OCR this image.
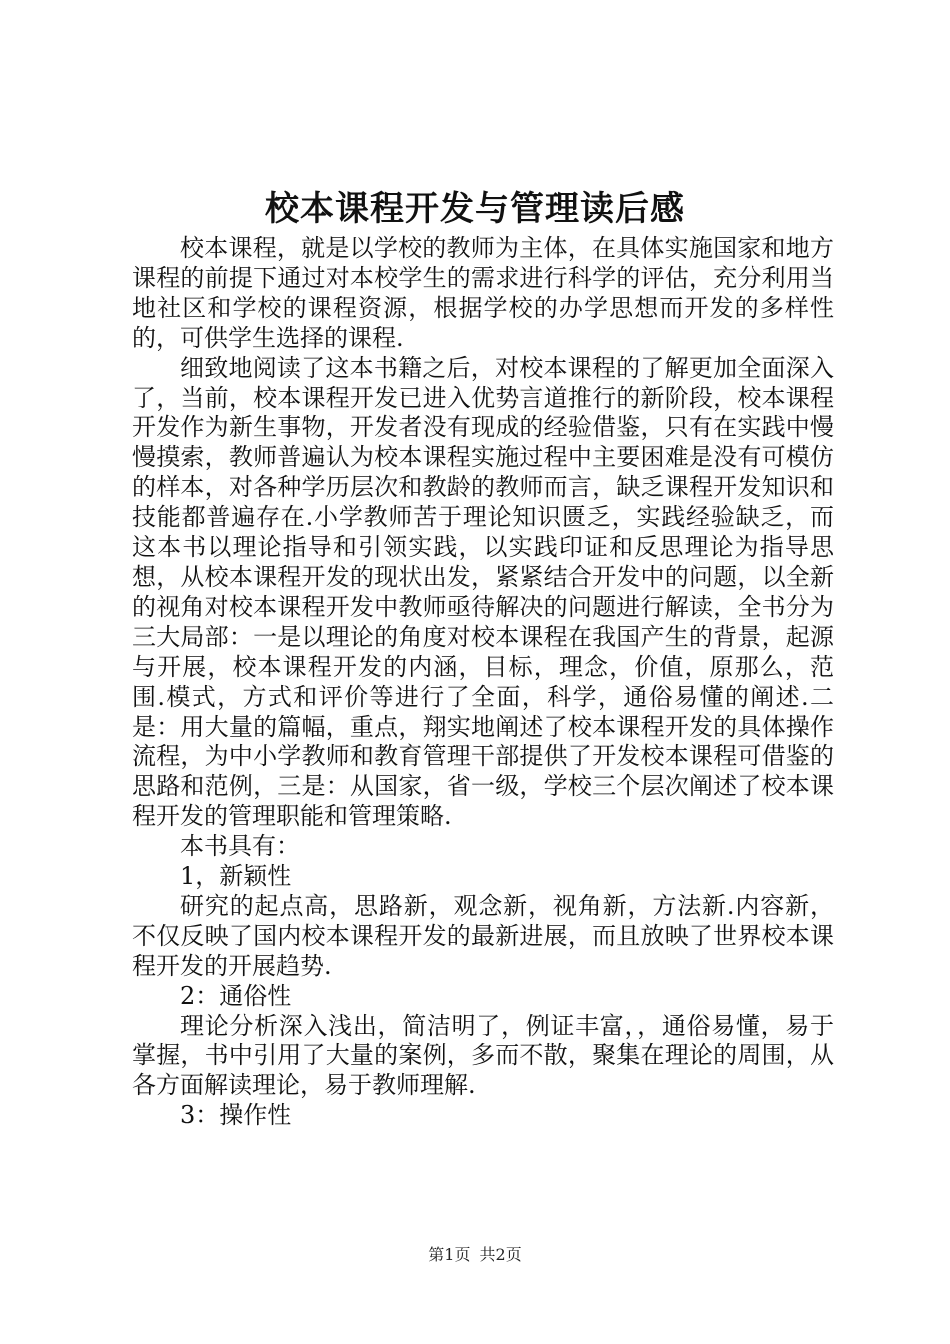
校本课程开发与管理读后感

校本课程，就是以学校的教师为主体，在具体实施国家和地方课程的前提下通过对本校学生的需求进行科学的评估，充分利用当地社区和学校的课程资源，根据学校的办学思想而开发的多样性的，可供学生选择的课程.

细致地阅读了这本书籍之后，对校本课程的了解更加全面深入了，当前，校本课程开发已进入优势言道推行的新阶段，校本课程开发作为新生事物，开发者没有现成的经验借鉴，只有在实践中慢慢摸索，教师普遍认为校本课程实施过程中主要困难是没有可模仿的样本，对各种学历层次和教龄的教师而言，缺乏课程开发知识和技能都普遍存在.小学教师苦于理论知识匮乏，实践经验缺乏，而这本书以理论指导和引领实践，以实践印证和反思理论为指导思想，从校本课程开发的现状出发，紧紧结合开发中的问题，以全新的视角对校本课程开发中教师亟待解决的问题进行解读，全书分为三大局部：一是以理论的角度对校本课程在我国产生的背景，起源与开展，校本课程开发的内涵，目标，理念，价值，原那么，范围.模式，方式和评价等进行了全面，科学，通俗易懂的阐述.二是：用大量的篇幅，重点，翔实地阐述了校本课程开发的具体操作流程，为中小学教师和教育管理干部提供了开发校本课程可借鉴的思路和范例，三是：从国家，省一级，学校三个层次阐述了校本课程开发的管理职能和管理策略.

本书具有：

1，新颖性

研究的起点高，思路新，观念新，视角新，方法新.内容新，不仅反映了国内校本课程开发的最新进展，而且放映了世界校本课程开发的开展趋势.

2：通俗性

理论分析深入浅出，简洁明了，例证丰富，，通俗易懂，易于掌握，书中引用了大量的案例，多而不散，聚集在理论的周围，从各方面解读理论，易于教师理解.

3：操作性

第1页 共2页
